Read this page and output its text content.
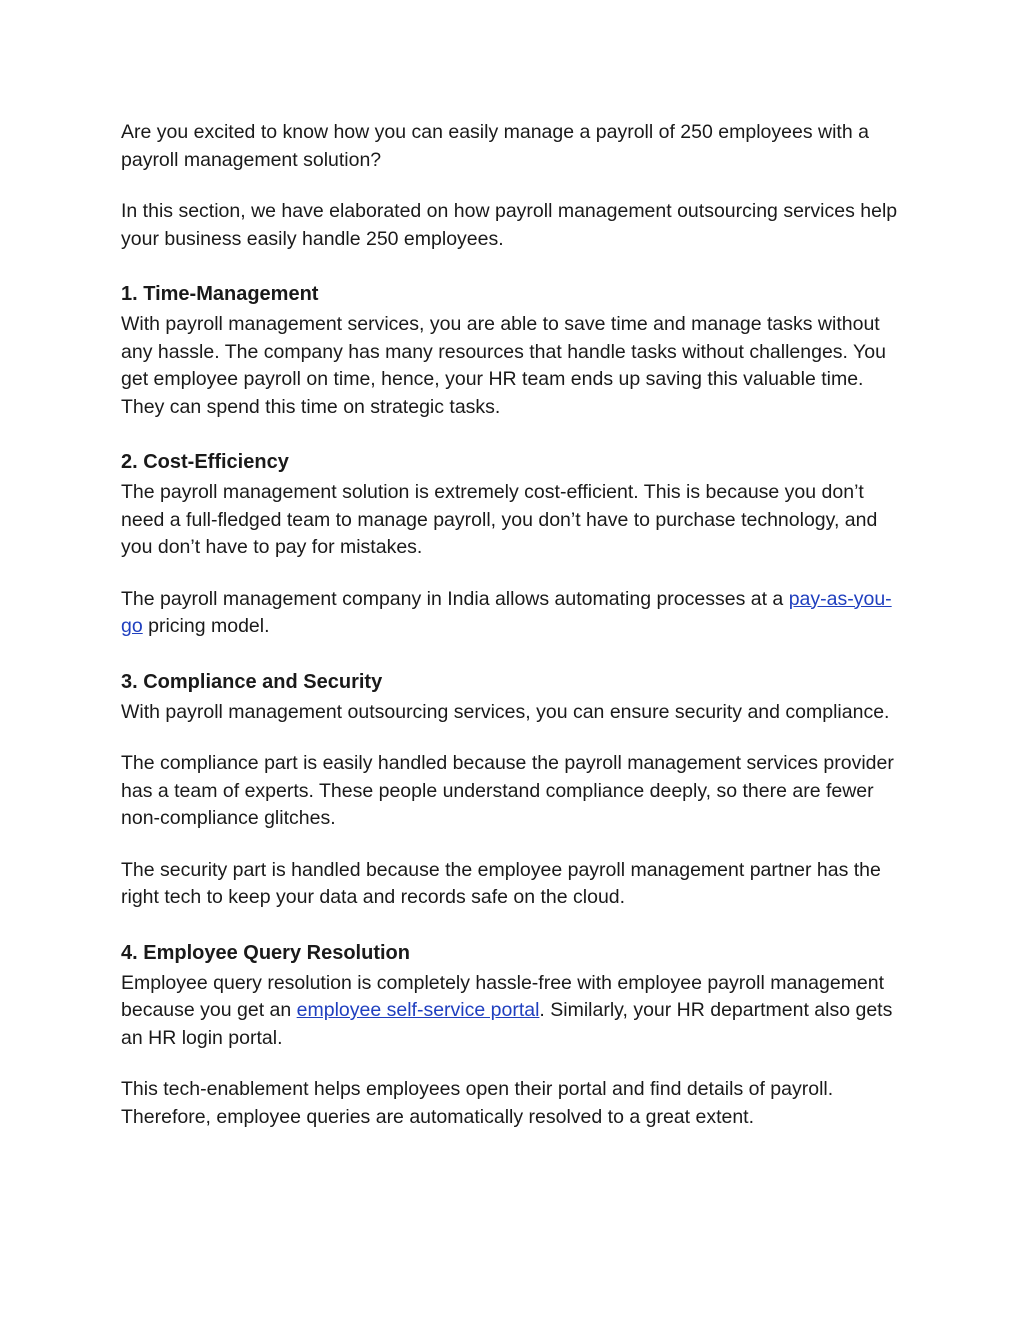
Are you excited to know how you can easily manage a payroll of 250 employees with a payroll management solution?

In this section, we have elaborated on how payroll management outsourcing services help your business easily handle 250 employees.

1. Time-Management

With payroll management services, you are able to save time and manage tasks without any hassle. The company has many resources that handle tasks without challenges. You get employee payroll on time, hence, your HR team ends up saving this valuable time. They can spend this time on strategic tasks.

2. Cost-Efficiency

The payroll management solution is extremely cost-efficient. This is because you don’t need a full-fledged team to manage payroll, you don’t have to purchase technology, and you don’t have to pay for mistakes.

The payroll management company in India allows automating processes at a pay-as-you-go pricing model.

3. Compliance and Security

With payroll management outsourcing services, you can ensure security and compliance.

The compliance part is easily handled because the payroll management services provider has a team of experts. These people understand compliance deeply, so there are fewer non-compliance glitches.

The security part is handled because the employee payroll management partner has the right tech to keep your data and records safe on the cloud.

4. Employee Query Resolution

Employee query resolution is completely hassle-free with employee payroll management because you get an employee self-service portal. Similarly, your HR department also gets an HR login portal.

This tech-enablement helps employees open their portal and find details of payroll. Therefore, employee queries are automatically resolved to a great extent.
